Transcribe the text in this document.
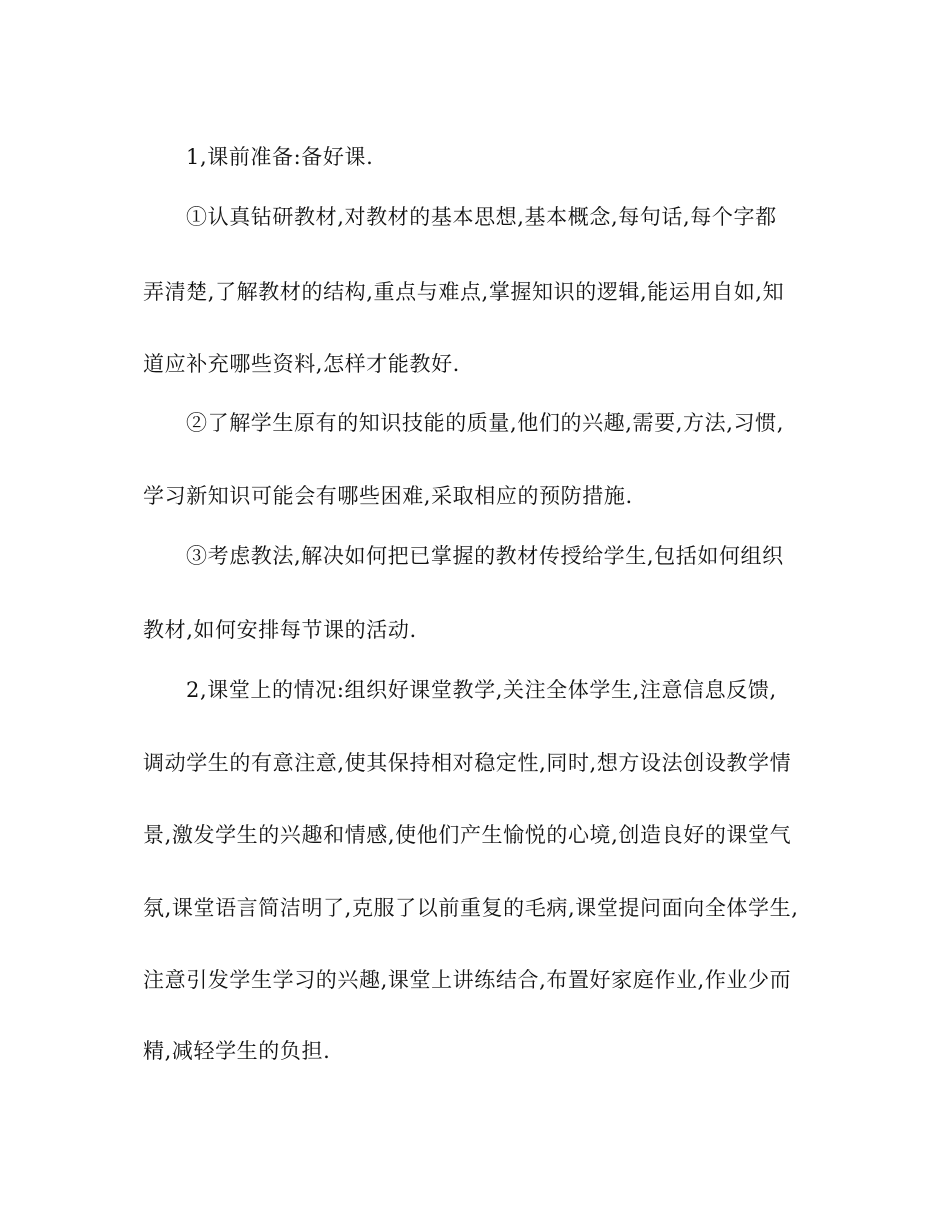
1,课前准备:备好课.
①认真钻研教材,对教材的基本思想,基本概念,每句话,每个字都
弄清楚,了解教材的结构,重点与难点,掌握知识的逻辑,能运用自如,知
道应补充哪些资料,怎样才能教好.
②了解学生原有的知识技能的质量,他们的兴趣,需要,方法,习惯,
学习新知识可能会有哪些困难,采取相应的预防措施.
③考虑教法,解决如何把已掌握的教材传授给学生,包括如何组织
教材,如何安排每节课的活动.
2,课堂上的情况:组织好课堂教学,关注全体学生,注意信息反馈,
调动学生的有意注意,使其保持相对稳定性,同时,想方设法创设教学情
景,激发学生的兴趣和情感,使他们产生愉悦的心境,创造良好的课堂气
氛,课堂语言简洁明了,克服了以前重复的毛病,课堂提问面向全体学生,
注意引发学生学习的兴趣,课堂上讲练结合,布置好家庭作业,作业少而
精,减轻学生的负担.
